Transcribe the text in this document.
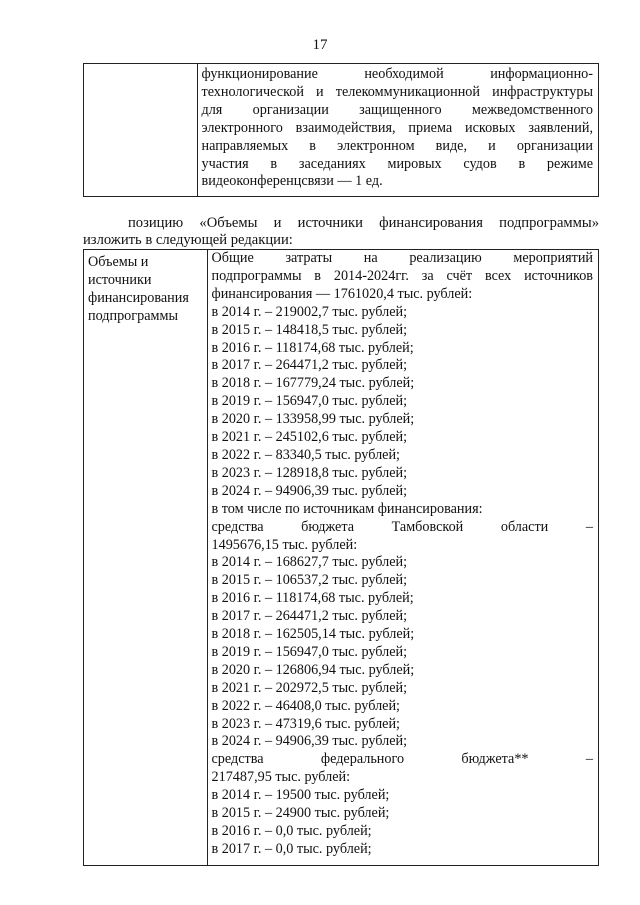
17

функционирование необходимой информационно-
технологической и телекоммуникационной инфраструктуры
для организации защищенного межведомственного
электронного взаимодействия, приема исковых заявлений,
направляемых в электронном виде, и организации
участия в заседаниях мировых судов в режиме
видеоконференцсвязи — 1 ед.
позицию «Объемы и источники финансирования подпрограммы»
изложить в следующей редакции:
Объемы и
источники
финансирования
подпрограммы

Общие затраты на реализацию мероприятий
подпрограммы в 2014-2024гг. за счёт всех источников
финансирования — 1761020,4 тыс. рублей:
в 2014 г. – 219002,7 тыс. рублей;
в 2015 г. – 148418,5 тыс. рублей;
в 2016 г. – 118174,68 тыс. рублей;
в 2017 г. – 264471,2 тыс. рублей;
в 2018 г. – 167779,24 тыс. рублей;
в 2019 г. – 156947,0 тыс. рублей;
в 2020 г. – 133958,99 тыс. рублей;
в 2021 г. – 245102,6 тыс. рублей;
в 2022 г. – 83340,5 тыс. рублей;
в 2023 г. – 128918,8 тыс. рублей;
в 2024 г. – 94906,39 тыс. рублей;
в том числе по источникам финансирования:
средства	бюджета	Тамбовской	области	–
1495676,15 тыс. рублей:
в 2014 г. – 168627,7 тыс. рублей;
в 2015 г. – 106537,2 тыс. рублей;
в 2016 г. – 118174,68 тыс. рублей;
в 2017 г. – 264471,2 тыс. рублей;
в 2018 г. – 162505,14 тыс. рублей;
в 2019 г. – 156947,0 тыс. рублей;
в 2020 г. – 126806,94 тыс. рублей;
в 2021 г. – 202972,5 тыс. рублей;
в 2022 г. – 46408,0 тыс. рублей;
в 2023 г. – 47319,6 тыс. рублей;
в 2024 г. – 94906,39 тыс. рублей;
средства	федерального	бюджета**	–
217487,95 тыс. рублей:
в 2014 г. – 19500 тыс. рублей;
в 2015 г. – 24900 тыс. рублей;
в 2016 г. – 0,0 тыс. рублей;
в 2017 г. – 0,0 тыс. рублей;
